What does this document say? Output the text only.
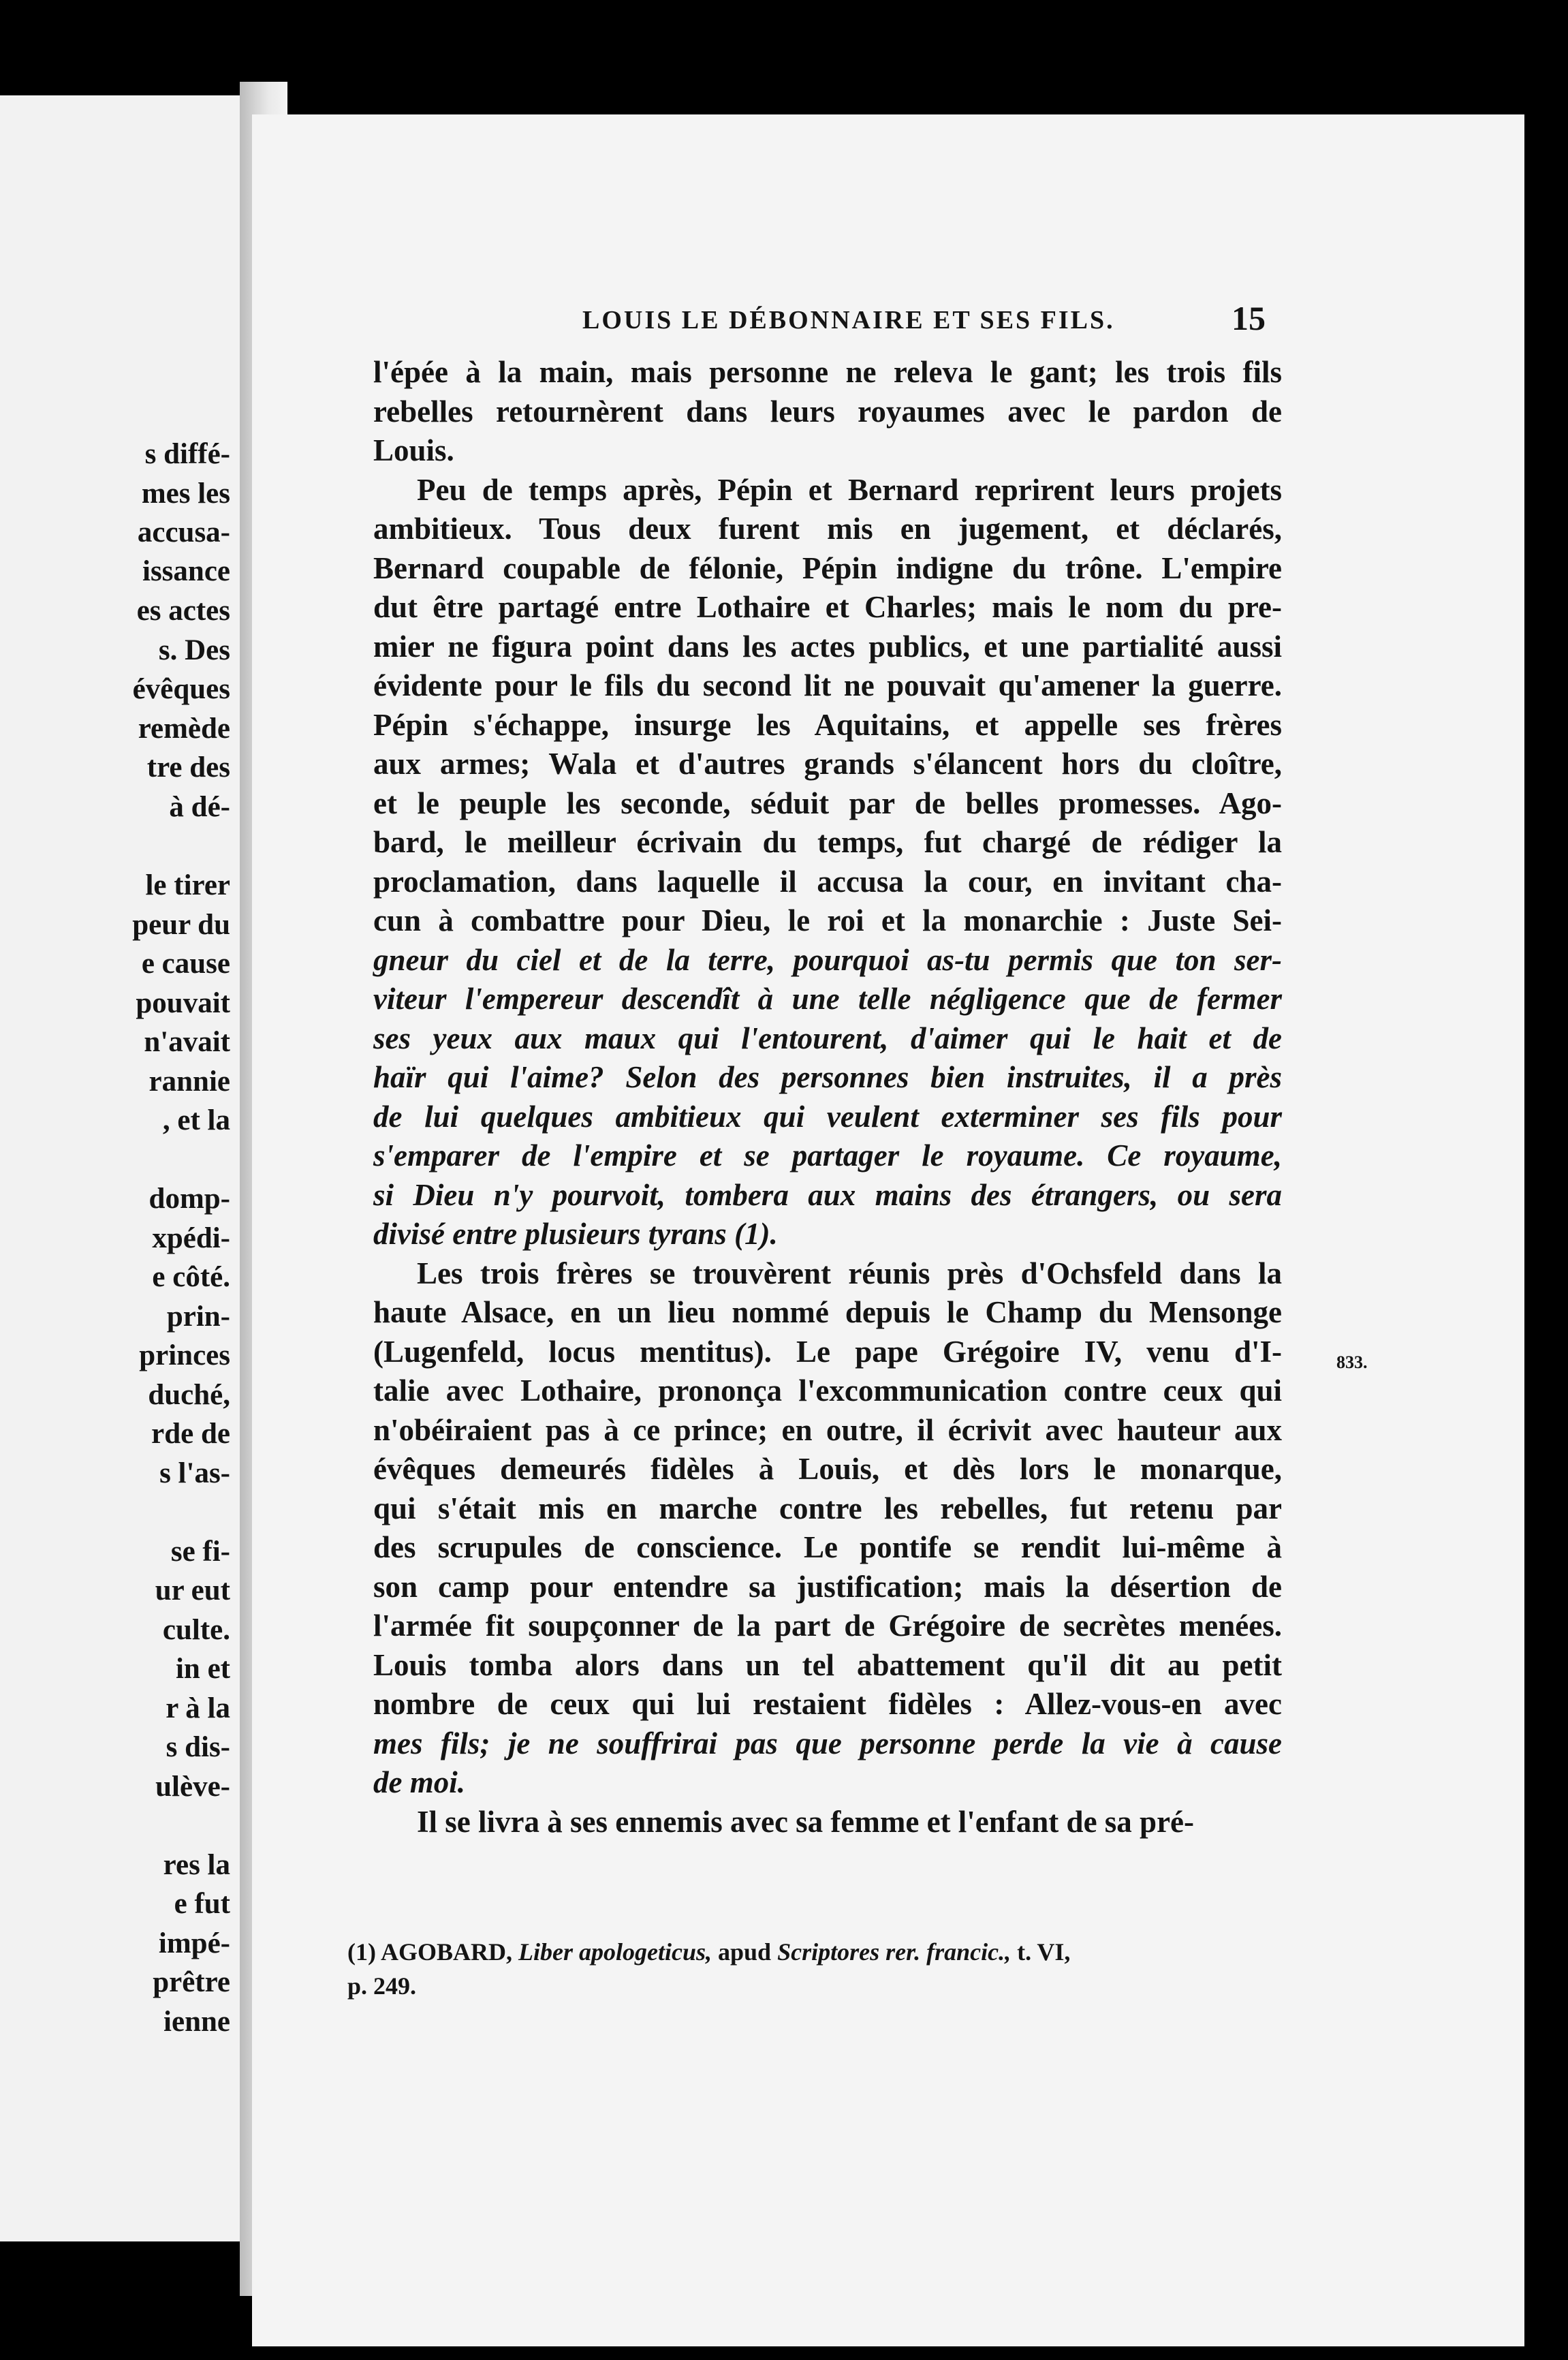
s diffé-
mes les
accusa-
issance
es actes
s. Des
évêques
remède
tre des
à dé-
le tirer
peur du
e cause
pouvait
n'avait
rannie
, et la
domp-
xpédi-
e côté.
prin-
princes
duché,
rde de
s l'as-
se fi-
ur eut
culte.
in et
r à la
s dis-
ulève-
res la
e fut
impé-
prêtre
ienne
LOUIS LE DÉBONNAIRE ET SES FILS.	15
833.
l'épée à la main, mais personne ne releva le gant; les trois fils
rebelles retournèrent dans leurs royaumes avec le pardon de
Louis.
Peu de temps après, Pépin et Bernard reprirent leurs projets
ambitieux. Tous deux furent mis en jugement, et déclarés,
Bernard coupable de félonie, Pépin indigne du trône. L'empire
dut être partagé entre Lothaire et Charles; mais le nom du pre-
mier ne figura point dans les actes publics, et une partialité aussi
évidente pour le fils du second lit ne pouvait qu'amener la guerre.
Pépin s'échappe, insurge les Aquitains, et appelle ses frères
aux armes; Wala et d'autres grands s'élancent hors du cloître,
et le peuple les seconde, séduit par de belles promesses. Ago-
bard, le meilleur écrivain du temps, fut chargé de rédiger la
proclamation, dans laquelle il accusa la cour, en invitant cha-
cun à combattre pour Dieu, le roi et la monarchie : Juste Sei-
gneur du ciel et de la terre, pourquoi as-tu permis que ton ser-
viteur l'empereur descendît à une telle négligence que de fermer
ses yeux aux maux qui l'entourent, d'aimer qui le hait et de
haïr qui l'aime? Selon des personnes bien instruites, il a près
de lui quelques ambitieux qui veulent exterminer ses fils pour
s'emparer de l'empire et se partager le royaume. Ce royaume,
si Dieu n'y pourvoit, tombera aux mains des étrangers, ou sera
divisé entre plusieurs tyrans (1).
Les trois frères se trouvèrent réunis près d'Ochsfeld dans la
haute Alsace, en un lieu nommé depuis le Champ du Mensonge
(Lugenfeld, locus mentitus). Le pape Grégoire IV, venu d'I-
talie avec Lothaire, prononça l'excommunication contre ceux qui
n'obéiraient pas à ce prince; en outre, il écrivit avec hauteur aux
évêques demeurés fidèles à Louis, et dès lors le monarque,
qui s'était mis en marche contre les rebelles, fut retenu par
des scrupules de conscience. Le pontife se rendit lui-même à
son camp pour entendre sa justification; mais la désertion de
l'armée fit soupçonner de la part de Grégoire de secrètes menées.
Louis tomba alors dans un tel abattement qu'il dit au petit
nombre de ceux qui lui restaient fidèles : Allez-vous-en avec
mes fils; je ne souffrirai pas que personne perde la vie à cause
de moi.
Il se livra à ses ennemis avec sa femme et l'enfant de sa pré-
(1) AGOBARD, Liber apologeticus, apud Scriptores rer. francic., t. VI,
p. 249.
